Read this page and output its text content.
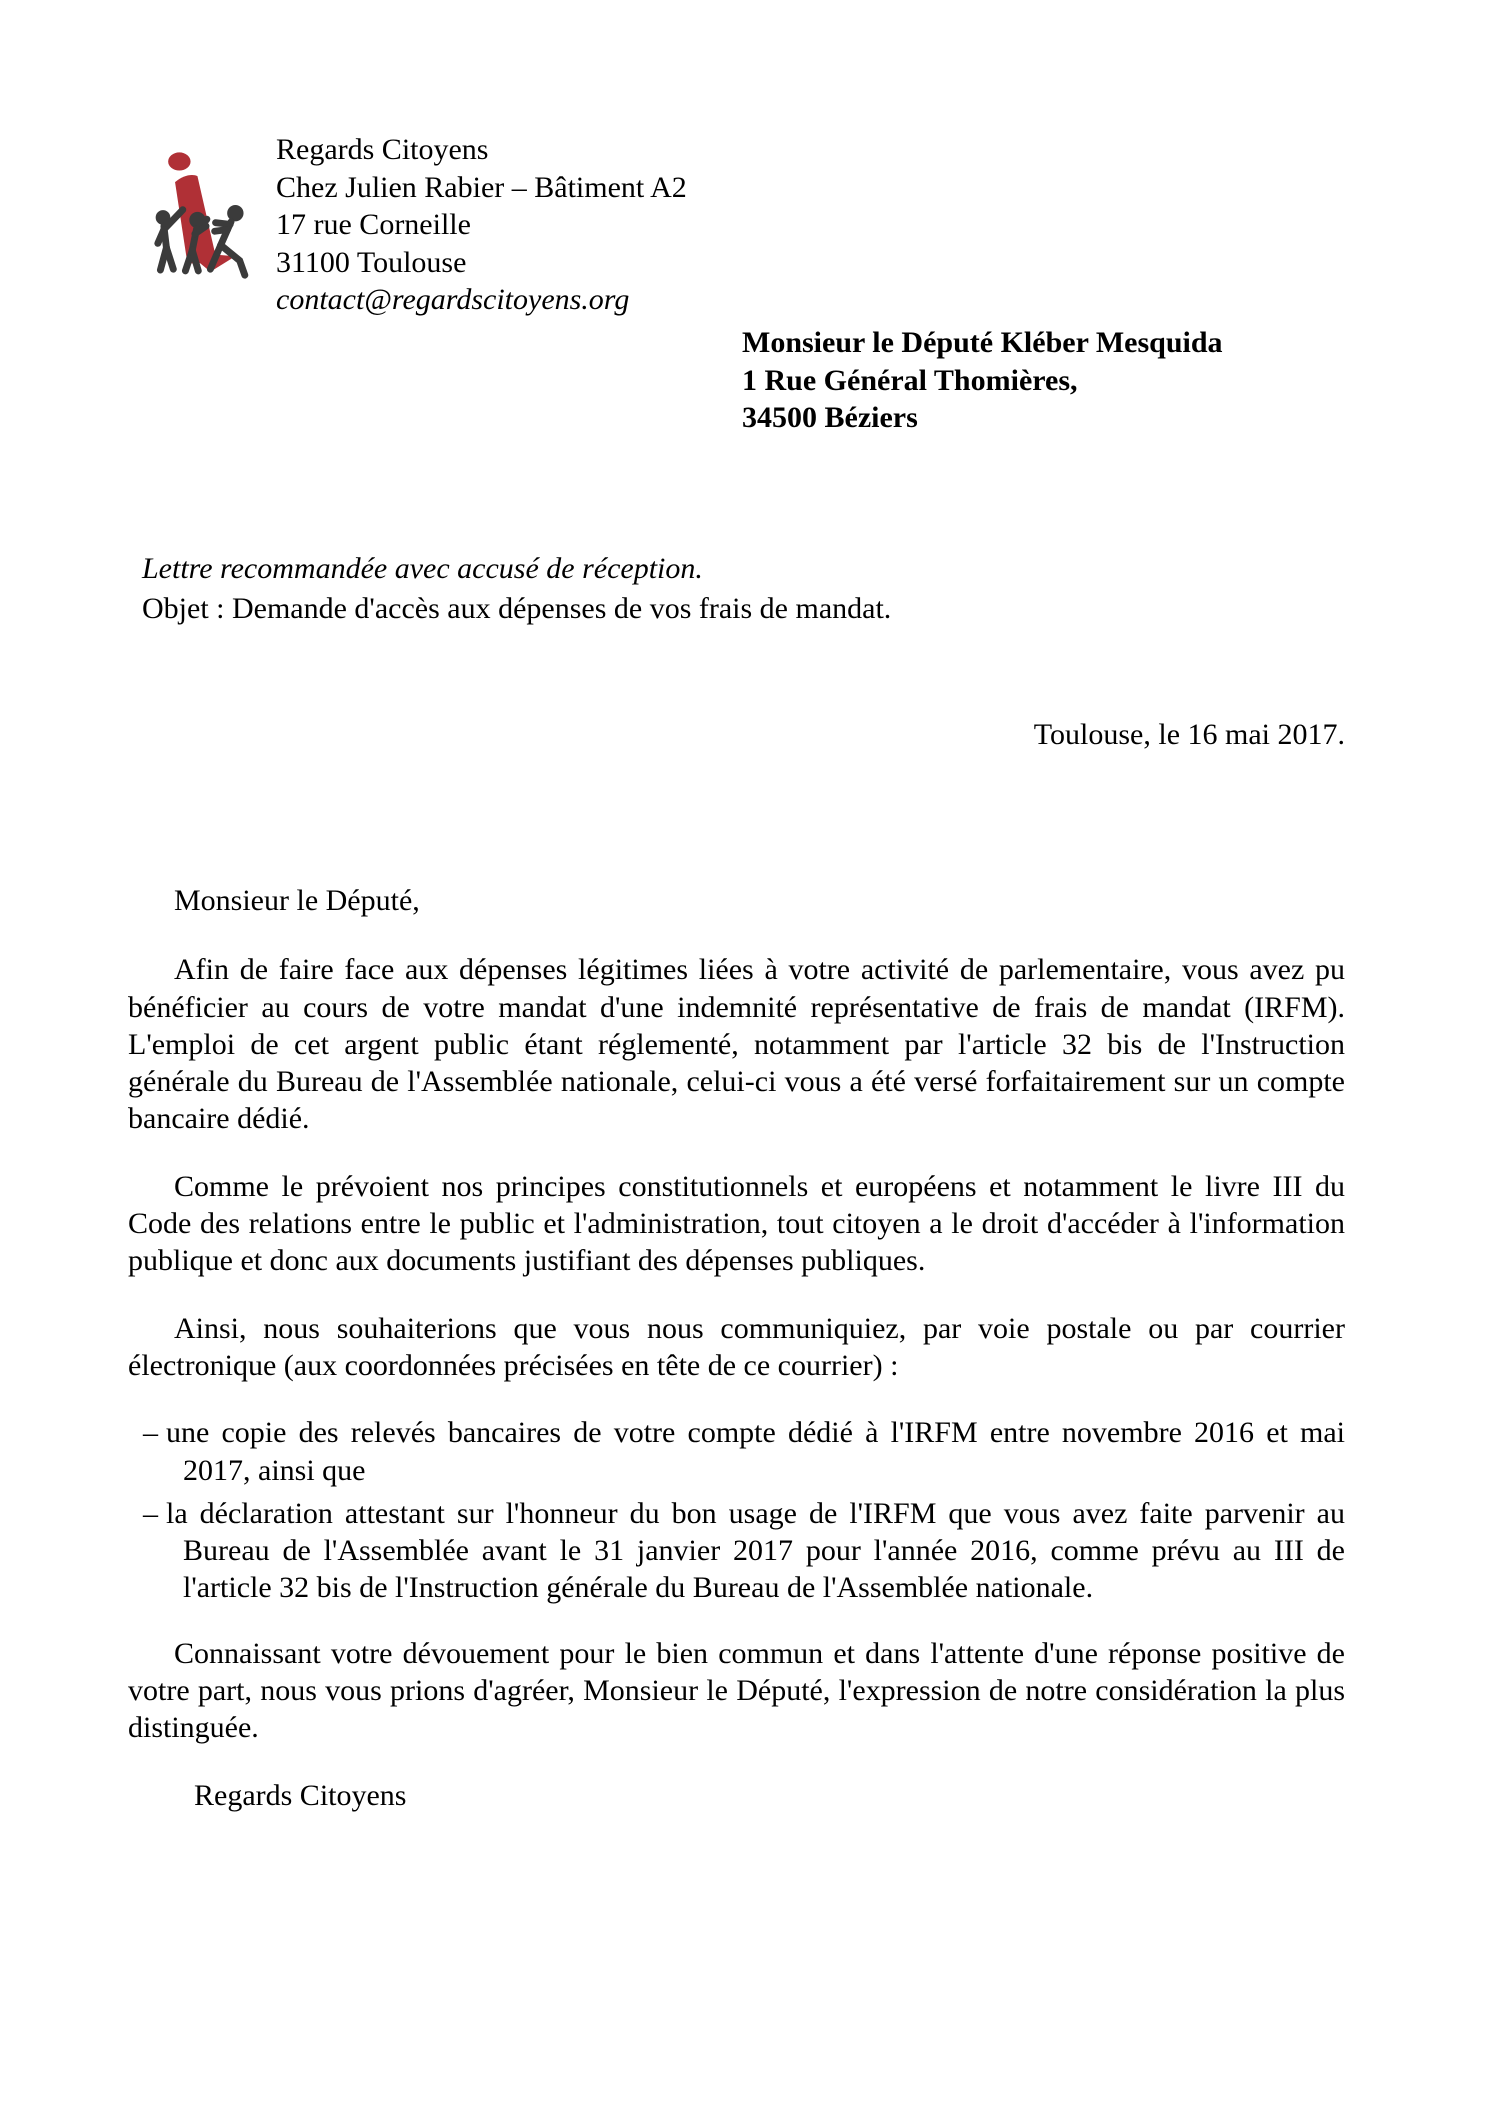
Regards Citoyens
Chez Julien Rabier – Bâtiment A2
17 rue Corneille
31100 Toulouse
contact@regardscitoyens.org
Monsieur le Député Kléber Mesquida
1 Rue Général Thomières,
34500 Béziers
Lettre recommandée avec accusé de réception.
Objet : Demande d'accès aux dépenses de vos frais de mandat.
Toulouse, le 16 mai 2017.

Monsieur le Député,

Afin de faire face aux dépenses légitimes liées à votre activité de parlementaire, vous avez pu bénéficier au cours de votre mandat d'une indemnité représentative de frais de mandat (IRFM). L'emploi de cet argent public étant réglementé, notamment par l'article 32 bis de l'Instruction générale du Bureau de l'Assemblée nationale, celui-ci vous a été versé forfaitairement sur un compte bancaire dédié.

Comme le prévoient nos principes constitutionnels et européens et notamment le livre III du Code des relations entre le public et l'administration, tout citoyen a le droit d'accéder à l'information publique et donc aux documents justifiant des dépenses publiques.

Ainsi, nous souhaiterions que vous nous communiquiez, par voie postale ou par courrier électronique (aux coordonnées précisées en tête de ce courrier) :

– une copie des relevés bancaires de votre compte dédié à l'IRFM entre novembre 2016 et mai 2017, ainsi que
– la déclaration attestant sur l'honneur du bon usage de l'IRFM que vous avez faite parvenir au Bureau de l'Assemblée avant le 31 janvier 2017 pour l'année 2016, comme prévu au III de l'article 32 bis de l'Instruction générale du Bureau de l'Assemblée nationale.

Connaissant votre dévouement pour le bien commun et dans l'attente d'une réponse positive de votre part, nous vous prions d'agréer, Monsieur le Député, l'expression de notre considération la plus distinguée.

Regards Citoyens
